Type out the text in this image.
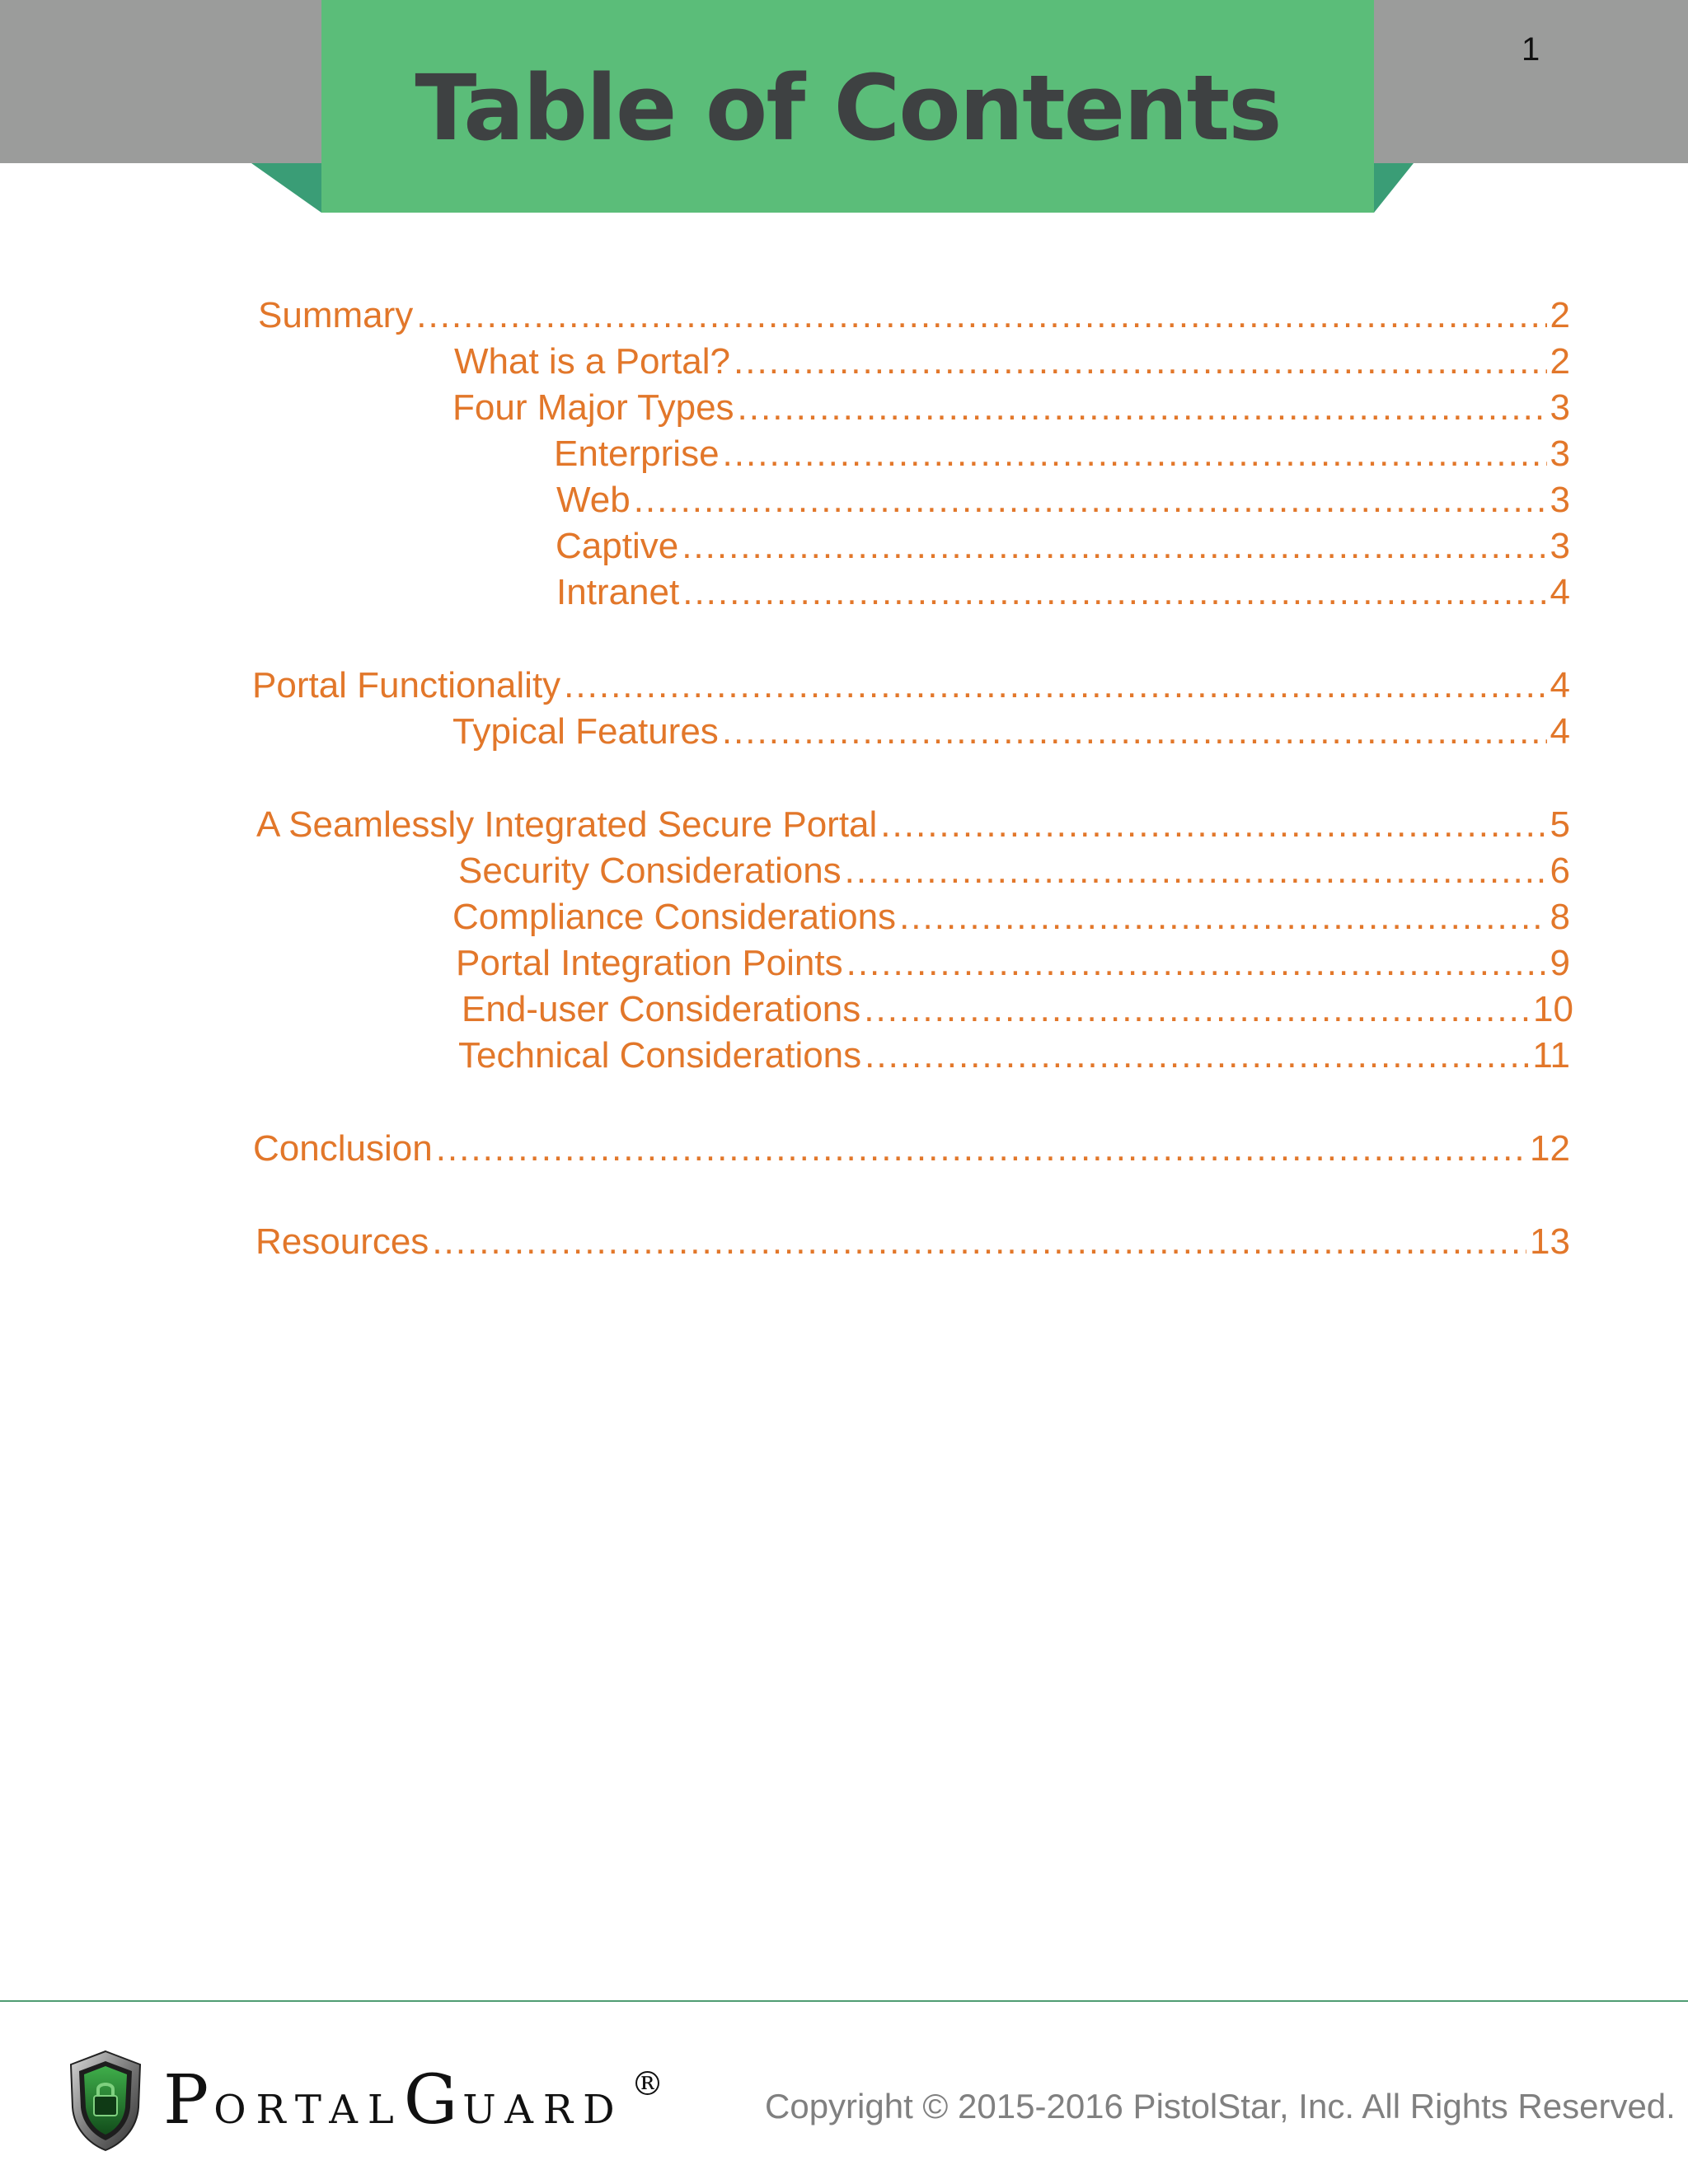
Table of Contents
1
Summary .....	2
What is a Portal? .....	2
Four Major Types .....	3
Enterprise .....	3
Web .....	3
Captive .....	3
Intranet .....	4
Portal Functionality .....	4
Typical Features .....	4
A Seamlessly Integrated Secure Portal .....	5
Security Considerations .....	6
Compliance Considerations .....	8
Portal Integration Points .....	9
End-user Considerations .....	10
Technical Considerations .....	11
Conclusion .....	12
Resources .....	13
PORTALGUARD®
Copyright © 2015-2016 PistolStar, Inc. All Rights Reserved.
